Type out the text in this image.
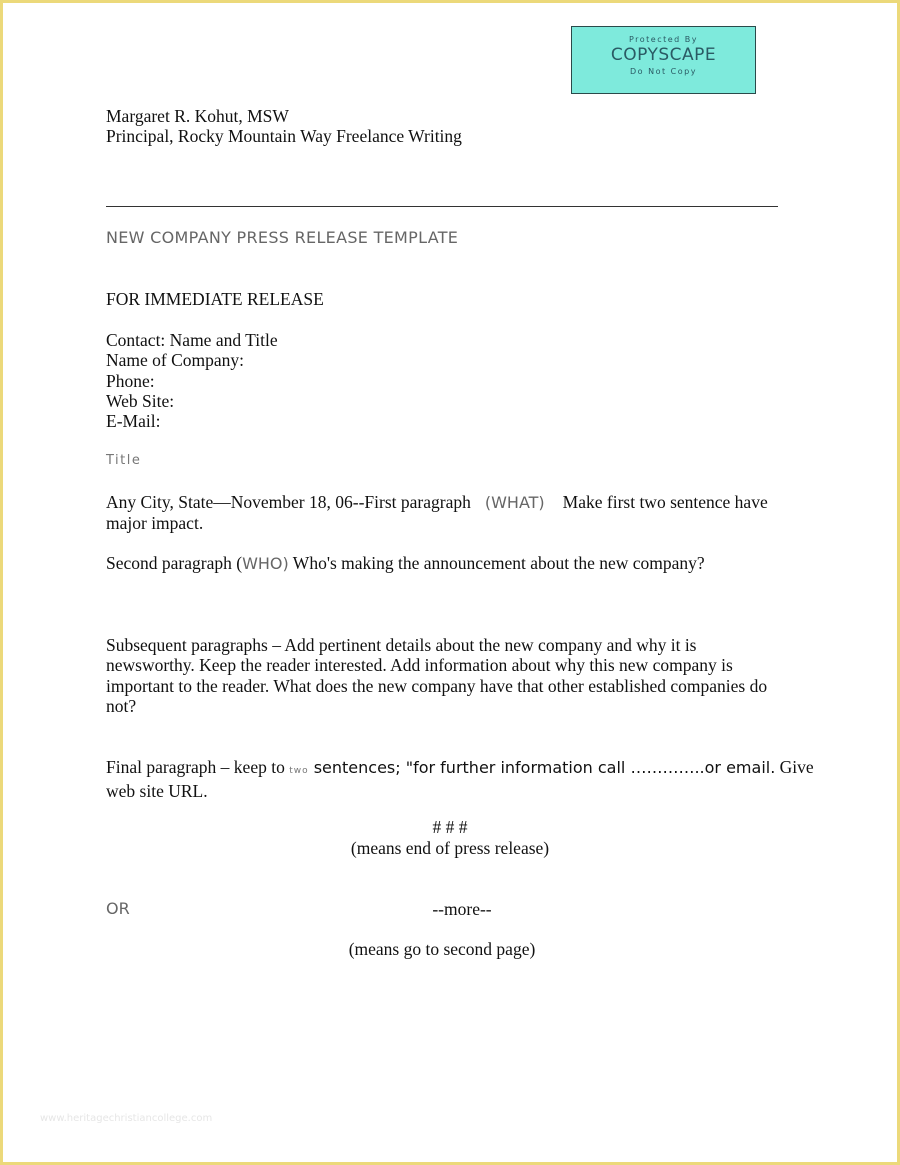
Protected By
COPYSCAPE
Do Not Copy
Margaret R. Kohut, MSW
Principal, Rocky Mountain Way Freelance Writing
NEW COMPANY PRESS RELEASE TEMPLATE
FOR IMMEDIATE RELEASE
Contact: Name and Title
Name of Company:
Phone:
Web Site:
E-Mail:
Title
Any City, State—November 18, 06--First paragraph (WHAT) Make first two sentence have
major impact.
Second paragraph (WHO) Who's making the announcement about the new company?
Subsequent paragraphs – Add pertinent details about the new company and why it is
newsworthy. Keep the reader interested. Add information about why this new company is
important to the reader. What does the new company have that other established companies do
not?
Final paragraph – keep to two sentences; "for further information call …………..or email. Give
web site URL.
# # #
(means end of press release)
OR	--more--
(means go to second page)
www.heritagechristiancollege.com
